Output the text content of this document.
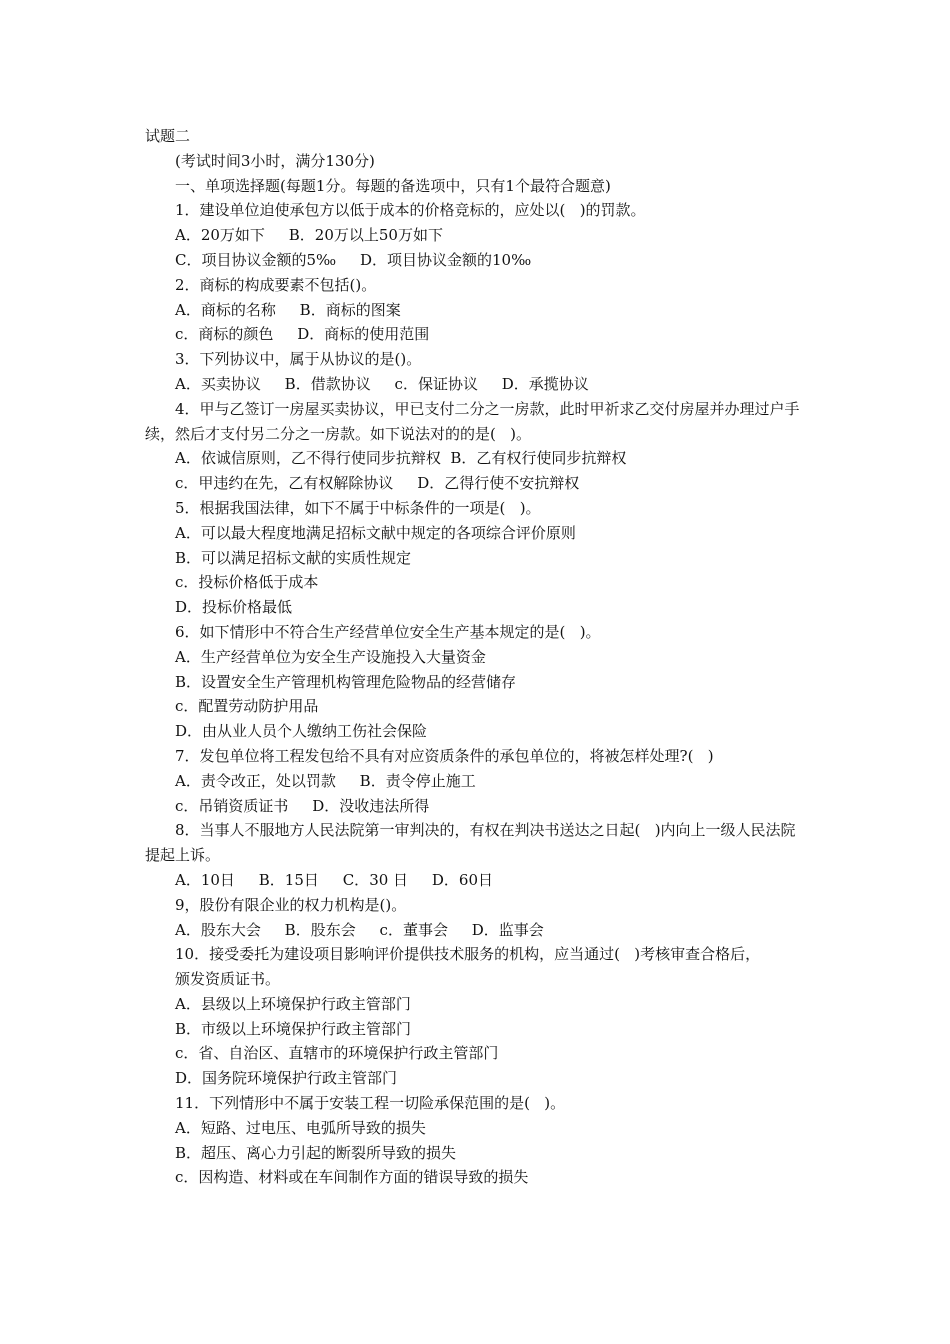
试题二
(考试时间3小时，满分130分)
一、单项选择题(每题1分。每题的备选项中，只有1个最符合题意)
1．建设单位迫使承包方以低于成本的价格竞标的，应处以(   )的罚款。
A．20万如下     B．20万以上50万如下
C．项目协议金额的5‰     D．项目协议金额的10‰
2．商标的构成要素不包括()。
A．商标的名称     B．商标的图案
c．商标的颜色     D．商标的使用范围
3．下列协议中，属于从协议的是()。
A．买卖协议     B．借款协议     c．保证协议     D．承揽协议
4．甲与乙签订一房屋买卖协议，甲已支付二分之一房款，此时甲祈求乙交付房屋并办理过户手续，然后才支付另二分之一房款。如下说法对的的是(   )。
A．依诚信原则，乙不得行使同步抗辩权  B．乙有权行使同步抗辩权
c．甲违约在先，乙有权解除协议     D．乙得行使不安抗辩权
5．根据我国法律，如下不属于中标条件的一项是(   )。
A．可以最大程度地满足招标文献中规定的各项综合评价原则
B．可以满足招标文献的实质性规定
c．投标价格低于成本
D．投标价格最低
6．如下情形中不符合生产经营单位安全生产基本规定的是(   )。
A．生产经营单位为安全生产设施投入大量资金
B．设置安全生产管理机构管理危险物品的经营储存
c．配置劳动防护用品
D．由从业人员个人缴纳工伤社会保险
7．发包单位将工程发包给不具有对应资质条件的承包单位的，将被怎样处理?(   )
A．责令改正，处以罚款     B．责令停止施工
c．吊销资质证书     D．没收违法所得
8．当事人不服地方人民法院第一审判决的，有权在判决书送达之日起(   )内向上一级人民法院提起上诉。
A．10日     B．15日     C．30 日     D．60日
9，股份有限企业的权力机构是()。
A．股东大会     B．股东会     c．董事会     D．监事会
10．接受委托为建设项目影响评价提供技术服务的机构，应当通过(   )考核审查合格后，
颁发资质证书。
A．县级以上环境保护行政主管部门
B．市级以上环境保护行政主管部门
c．省、自治区、直辖市的环境保护行政主管部门
D．国务院环境保护行政主管部门
11．下列情形中不属于安装工程一切险承保范围的是(   )。
A．短路、过电压、电弧所导致的损失
B．超压、离心力引起的断裂所导致的损失
c．因构造、材料或在车间制作方面的错误导致的损失
